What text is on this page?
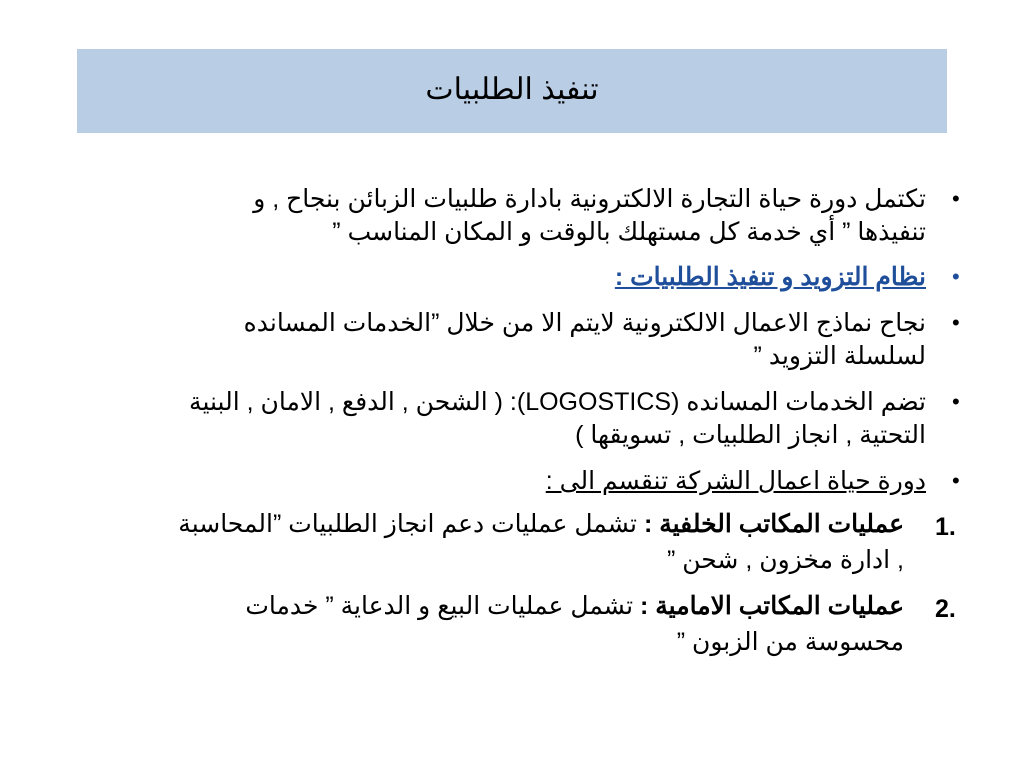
تنفيذ الطلبيات
•
تكتمل دورة حياة التجارة الالكترونية بادارة طلبيات الزبائن بنجاح , و
تنفيذها ” أي خدمة كل مستهلك بالوقت و المكان المناسب ”
•
نظام التزويد و تنفيذ الطلبيات :
•
نجاح نماذج الاعمال الالكترونية لايتم الا من خلال ”الخدمات المسانده
لسلسلة التزويد ”
•
تضم الخدمات المسانده (LOGOSTICS): ( الشحن , الدفع , الامان , البنية
التحتية , انجاز الطلبيات , تسويقها )
•
دورة حياة اعمال الشركة تنقسم الى :
1.
عمليات المكاتب الخلفية : تشمل عمليات دعم انجاز الطلبيات ”المحاسبة
, ادارة مخزون , شحن ”
2.
عمليات المكاتب الامامية : تشمل عمليات البيع و الدعاية ” خدمات
محسوسة من الزبون ”
